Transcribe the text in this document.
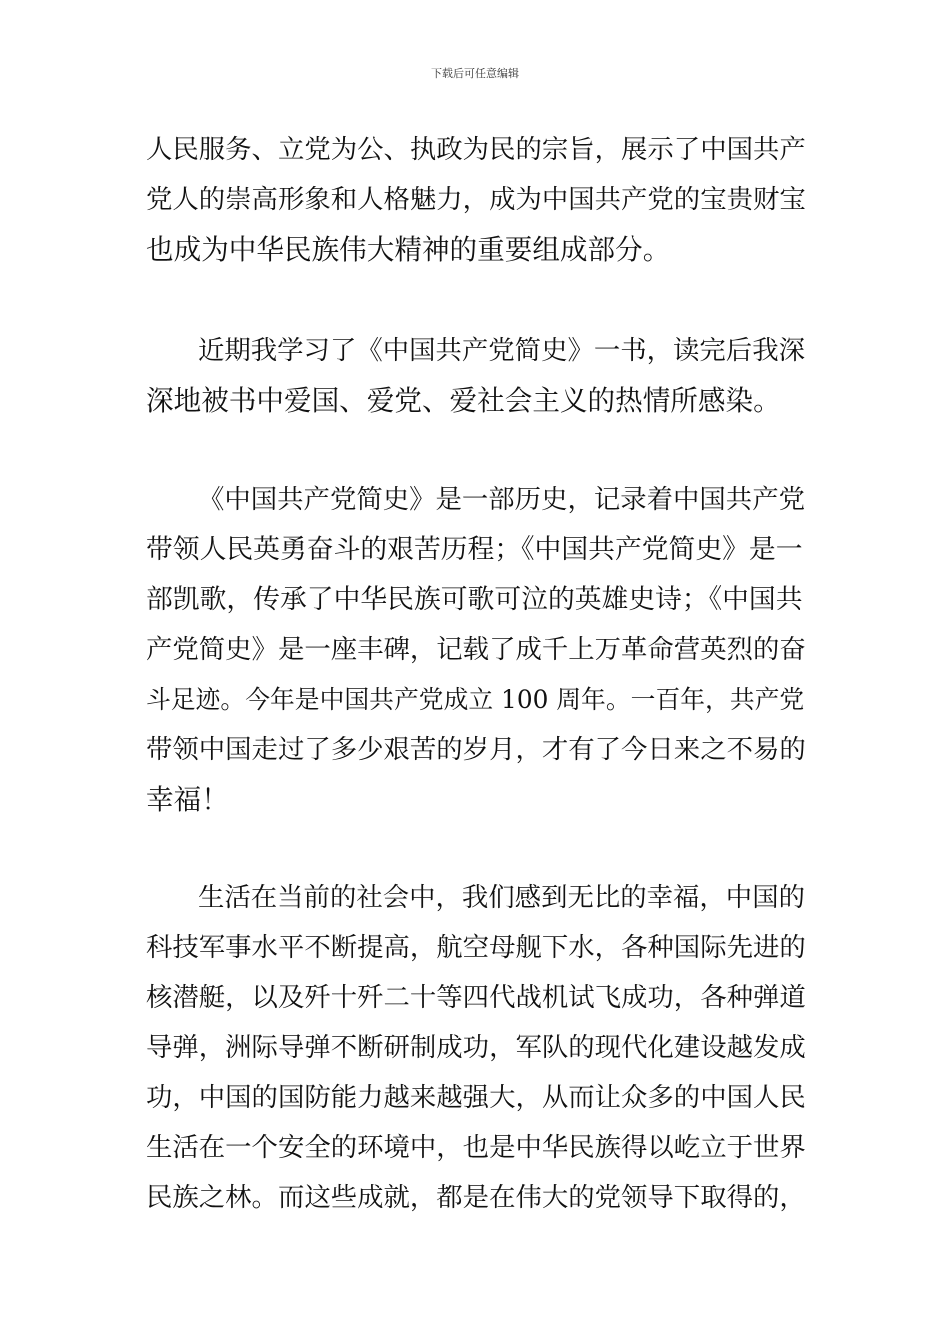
下载后可任意编辑
人民服务、立党为公、执政为民的宗旨，展示了中国共产
党人的崇高形象和人格魅力，成为中国共产党的宝贵财宝
也成为中华民族伟大精神的重要组成部分。
近期我学习了《中国共产党简史》一书，读完后我深
深地被书中爱国、爱党、爱社会主义的热情所感染。
《中国共产党简史》是一部历史，记录着中国共产党
带领人民英勇奋斗的艰苦历程；《中国共产党简史》是一
部凯歌，传承了中华民族可歌可泣的英雄史诗；《中国共
产党简史》是一座丰碑，记载了成千上万革命营英烈的奋
斗足迹。今年是中国共产党成立 100 周年。一百年，共产党
带领中国走过了多少艰苦的岁月，才有了今日来之不易的
幸福！
生活在当前的社会中，我们感到无比的幸福，中国的
科技军事水平不断提高，航空母舰下水，各种国际先进的
核潜艇，以及歼十歼二十等四代战机试飞成功，各种弹道
导弹，洲际导弹不断研制成功，军队的现代化建设越发成
功，中国的国防能力越来越强大，从而让众多的中国人民
生活在一个安全的环境中，也是中华民族得以屹立于世界
民族之林。而这些成就，都是在伟大的党领导下取得的，
